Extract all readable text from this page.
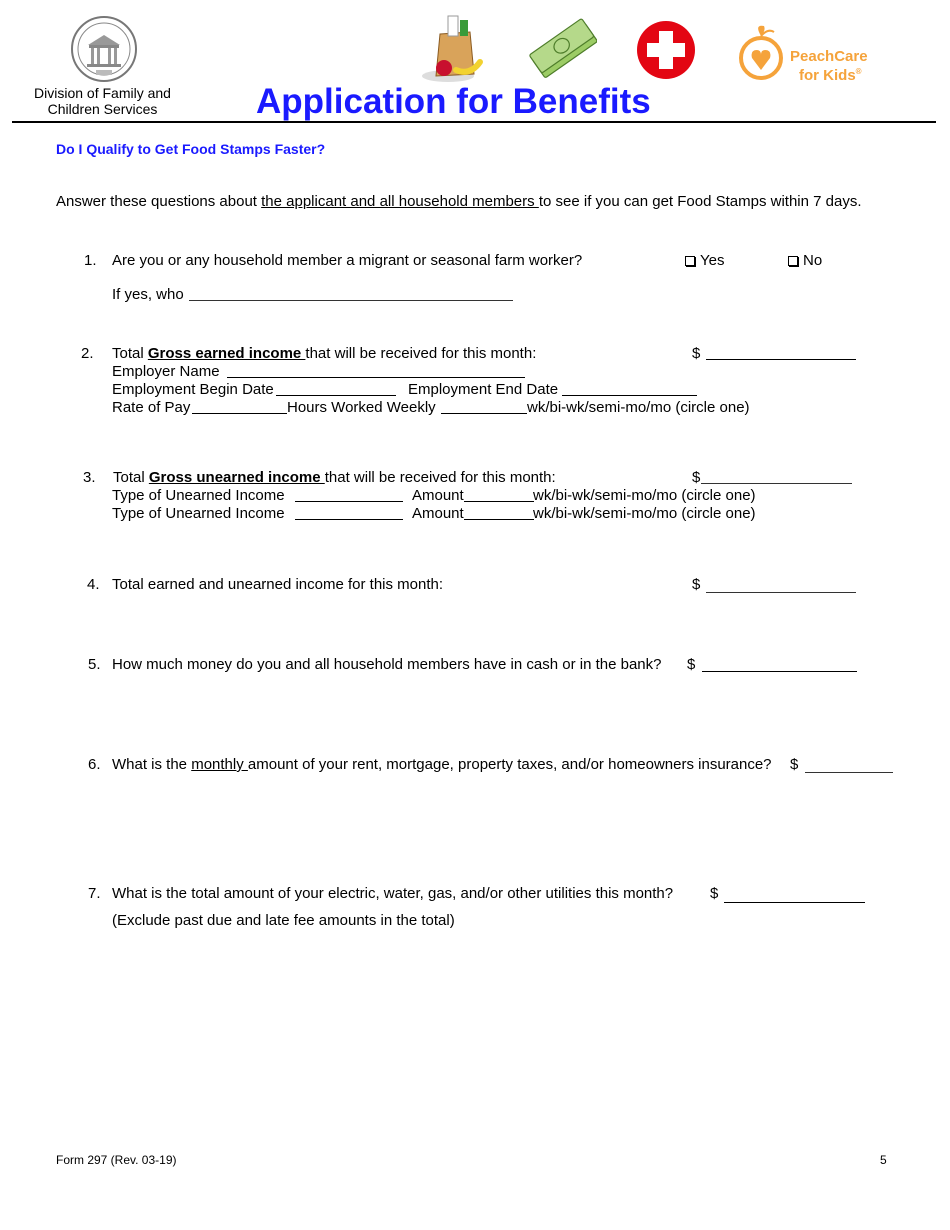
Division of Family and
Children Services
PeachCare
for Kids®
Application for Benefits
Do I Qualify to Get Food Stamps Faster?
Answer these questions about the applicant and all household members to see if you can get Food Stamps within 7 days.
1. Are you or any household member a migrant or seasonal farm worker?	Yes	No
If yes, who
2. Total Gross earned income that will be received for this month:	$
Employer Name
Employment Begin Date	Employment End Date
Rate of Pay	Hours Worked Weekly	wk/bi-wk/semi-mo/mo (circle one)
3. Total Gross unearned income that will be received for this month:	$
Type of Unearned Income	Amount	wk/bi-wk/semi-mo/mo (circle one)
Type of Unearned Income	Amount	wk/bi-wk/semi-mo/mo (circle one)
4. Total earned and unearned income for this month:	$
5. How much money do you and all household members have in cash or in the bank? $
6. What is the monthly amount of your rent, mortgage, property taxes, and/or homeowners insurance? $
7. What is the total amount of your electric, water, gas, and/or other utilities this month? $
(Exclude past due and late fee amounts in the total)
Form 297 (Rev. 03-19)	5
